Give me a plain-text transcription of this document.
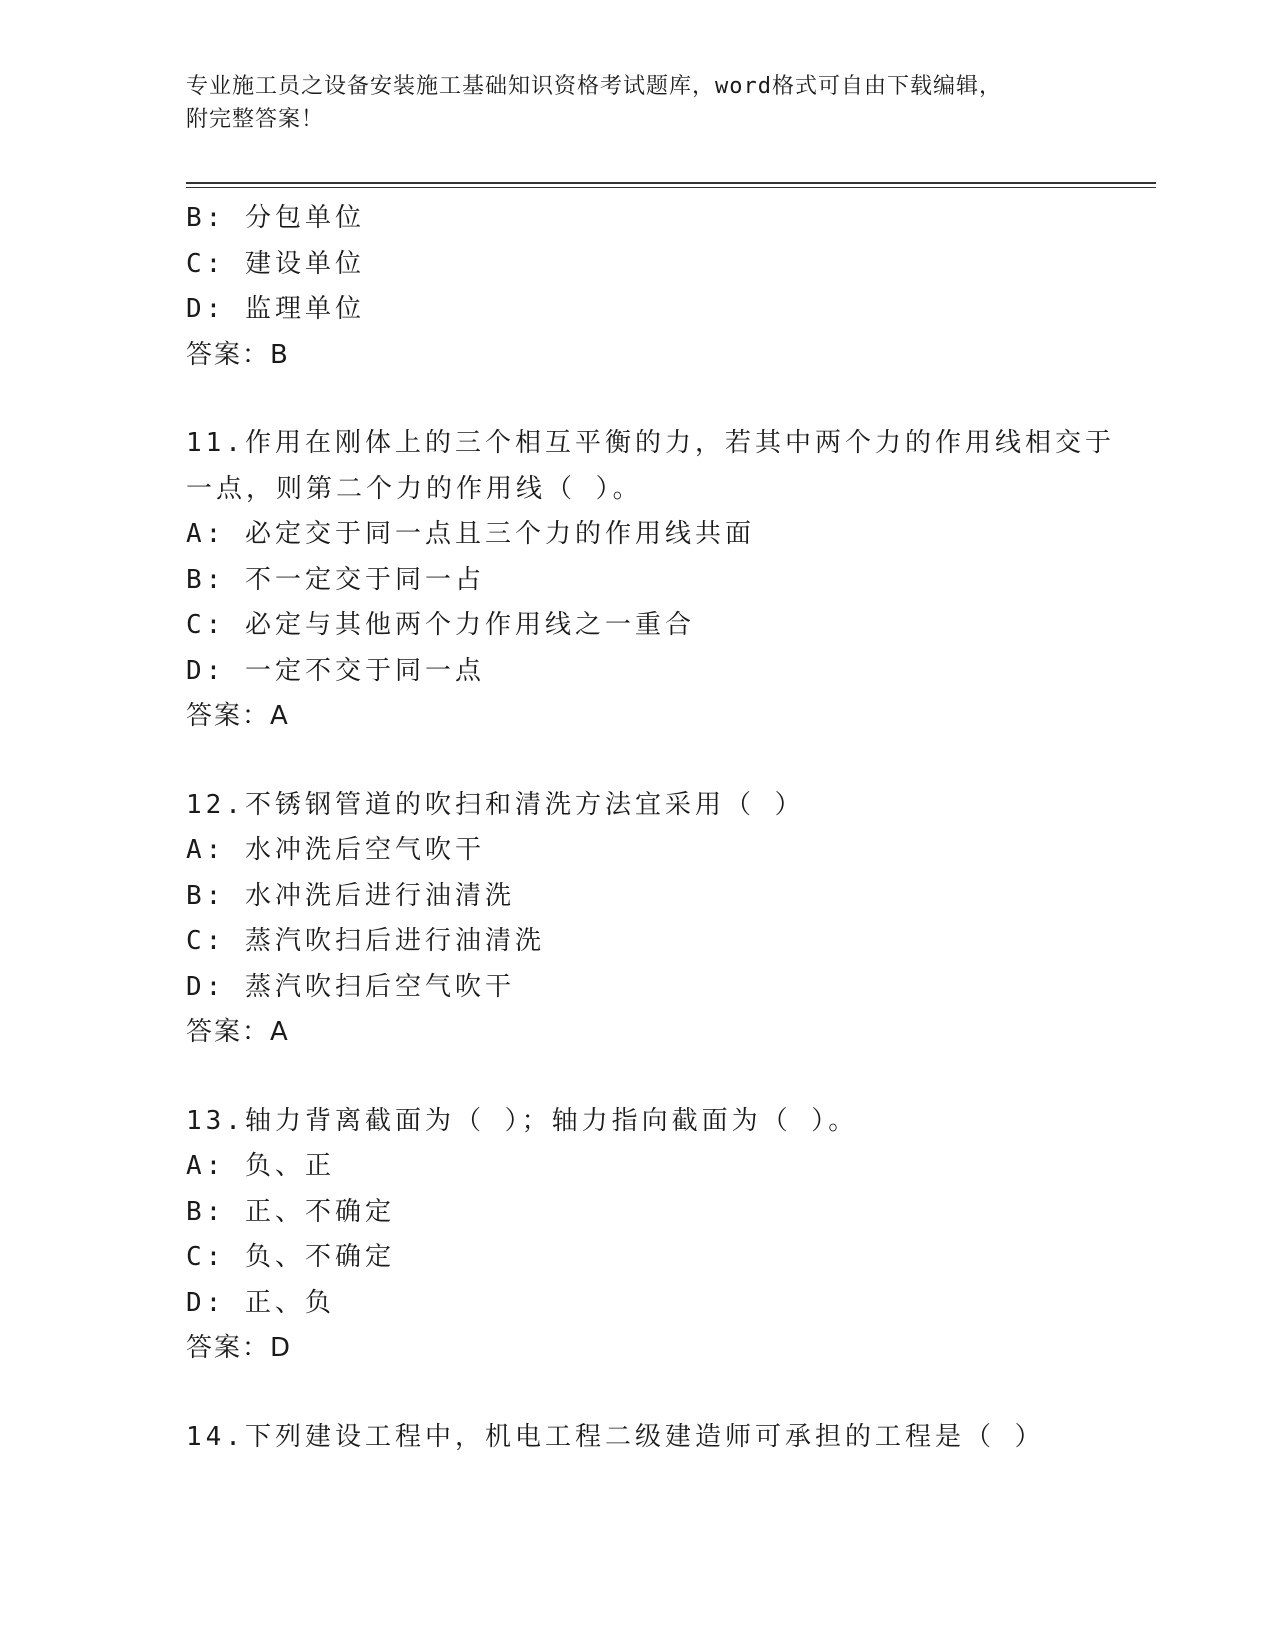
专业施工员之设备安装施工基础知识资格考试题库，word格式可自由下载编辑，

附完整答案！

B: 分包单位

C: 建设单位

D: 监理单位

答案：B

11.作用在刚体上的三个相互平衡的力，若其中两个力的作用线相交于

一点，则第二个力的作用线（ ）。

A: 必定交于同一点且三个力的作用线共面

B: 不一定交于同一占

C: 必定与其他两个力作用线之一重合

D: 一定不交于同一点

答案：A

12.不锈钢管道的吹扫和清洗方法宜采用（ ）

A: 水冲洗后空气吹干

B: 水冲洗后进行油清洗

C: 蒸汽吹扫后进行油清洗

D: 蒸汽吹扫后空气吹干

答案：A

13.轴力背离截面为（ ）；轴力指向截面为（ ）。

A: 负、正

B: 正、不确定

C: 负、不确定

D: 正、负

答案：D

14.下列建设工程中，机电工程二级建造师可承担的工程是（ ）
